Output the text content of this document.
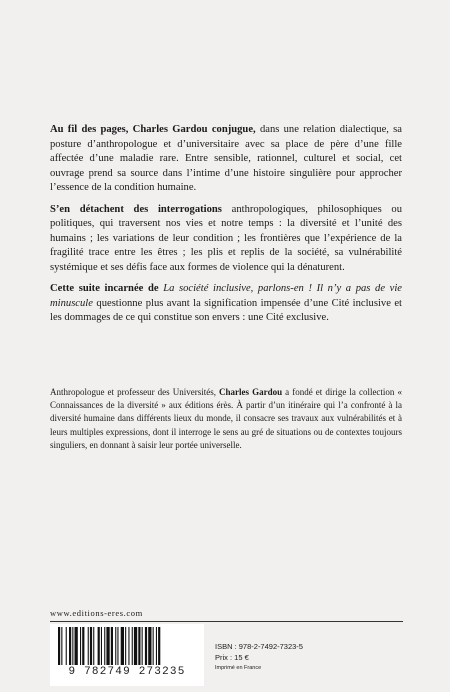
Au fil des pages, Charles Gardou conjugue, dans une relation dialectique, sa posture d’anthropologue et d’universitaire avec sa place de père d’une fille affectée d’une maladie rare. Entre sensible, rationnel, culturel et social, cet ouvrage prend sa source dans l’intime d’une histoire singulière pour approcher l’essence de la condition humaine.

S’en détachent des interrogations anthropologiques, philosophiques ou politiques, qui traversent nos vies et notre temps : la diversité et l’unité des humains ; les variations de leur condition ; les frontières que l’expérience de la fragilité trace entre les êtres ; les plis et replis de la société, sa vulnérabilité systémique et ses défis face aux formes de violence qui la dénaturent.

Cette suite incarnée de La société inclusive, parlons-en ! Il n’y a pas de vie minuscule questionne plus avant la signification impensée d’une Cité inclusive et les dommages de ce qui constitue son envers : une Cité exclusive.

Anthropologue et professeur des Universités, Charles Gardou a fondé et dirige la collection « Connaissances de la diversité » aux éditions érès. À partir d’un itinéraire qui l’a confronté à la diversité humaine dans différents lieux du monde, il consacre ses travaux aux vulnérabilités et à leurs multiples expressions, dont il interroge le sens au gré de situations ou de contextes toujours singuliers, en donnant à saisir leur portée universelle.
www.editions-eres.com
9 782749 273235
ISBN : 978-2-7492-7323-5
Prix : 15 €
Imprimé en France
